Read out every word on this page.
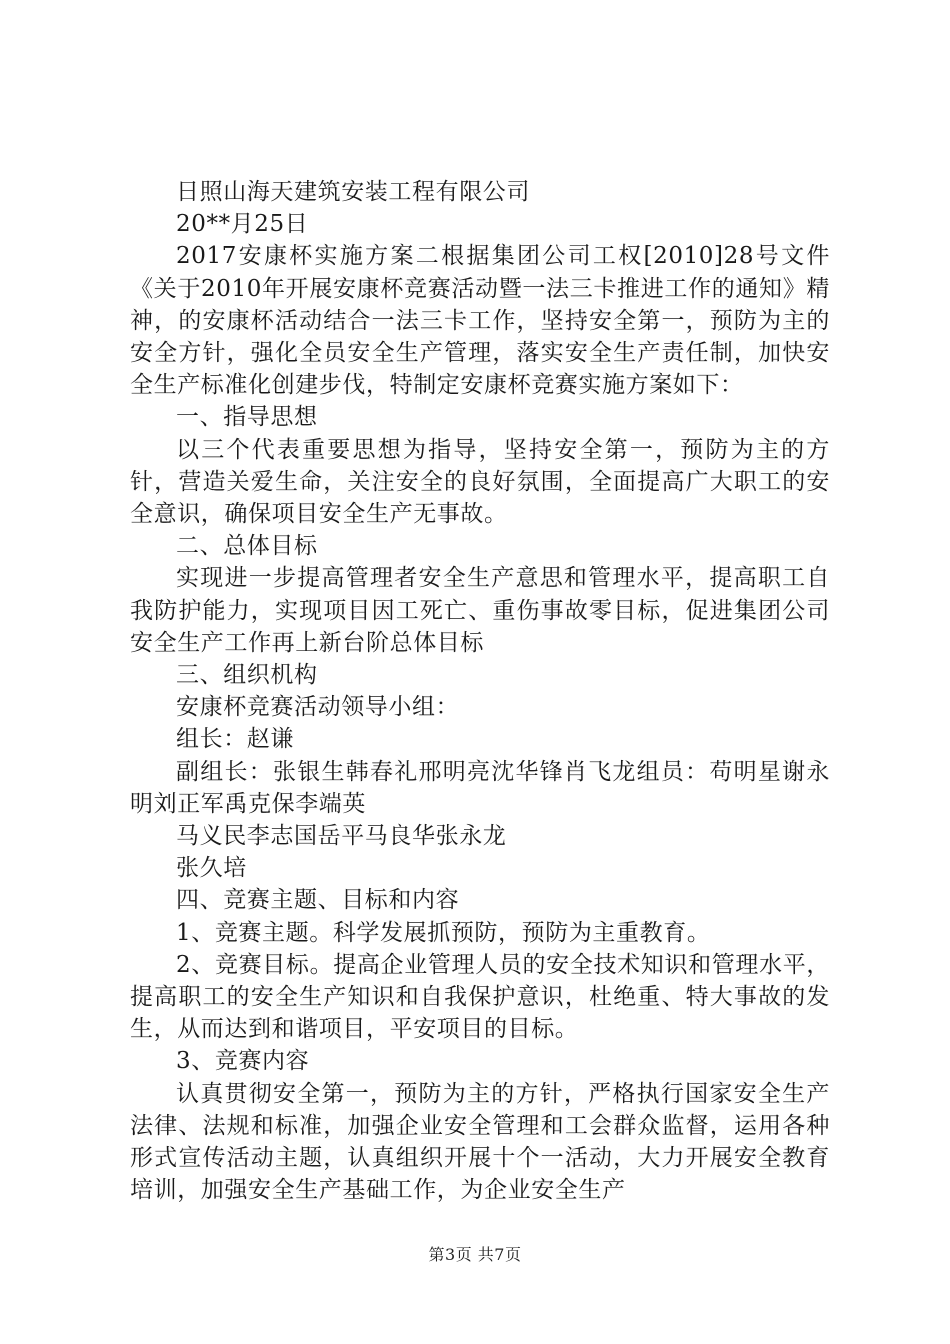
日照山海天建筑安装工程有限公司

20**月25日

2017安康杯实施方案二根据集团公司工权[2010]28号文件《关于2010年开展安康杯竞赛活动暨一法三卡推进工作的通知》精神，的安康杯活动结合一法三卡工作，坚持安全第一，预防为主的安全方针，强化全员安全生产管理，落实安全生产责任制，加快安全生产标准化创建步伐，特制定安康杯竞赛实施方案如下：

一、指导思想

以三个代表重要思想为指导，坚持安全第一，预防为主的方针，营造关爱生命，关注安全的良好氛围，全面提高广大职工的安全意识，确保项目安全生产无事故。

二、总体目标

实现进一步提高管理者安全生产意思和管理水平，提高职工自我防护能力，实现项目因工死亡、重伤事故零目标，促进集团公司安全生产工作再上新台阶总体目标

三、组织机构

安康杯竞赛活动领导小组：

组长：赵谦

副组长：张银生韩春礼邢明亮沈华锋肖飞龙组员：苟明星谢永明刘正军禹克保李端英

马义民李志国岳平马良华张永龙

张久培

四、竞赛主题、目标和内容

1、竞赛主题。科学发展抓预防，预防为主重教育。

2、竞赛目标。提高企业管理人员的安全技术知识和管理水平，提高职工的安全生产知识和自我保护意识，杜绝重、特大事故的发生，从而达到和谐项目，平安项目的目标。

3、竞赛内容

认真贯彻安全第一，预防为主的方针，严格执行国家安全生产法律、法规和标准，加强企业安全管理和工会群众监督，运用各种形式宣传活动主题，认真组织开展十个一活动，大力开展安全教育培训，加强安全生产基础工作，为企业安全生产

第3页 共7页
